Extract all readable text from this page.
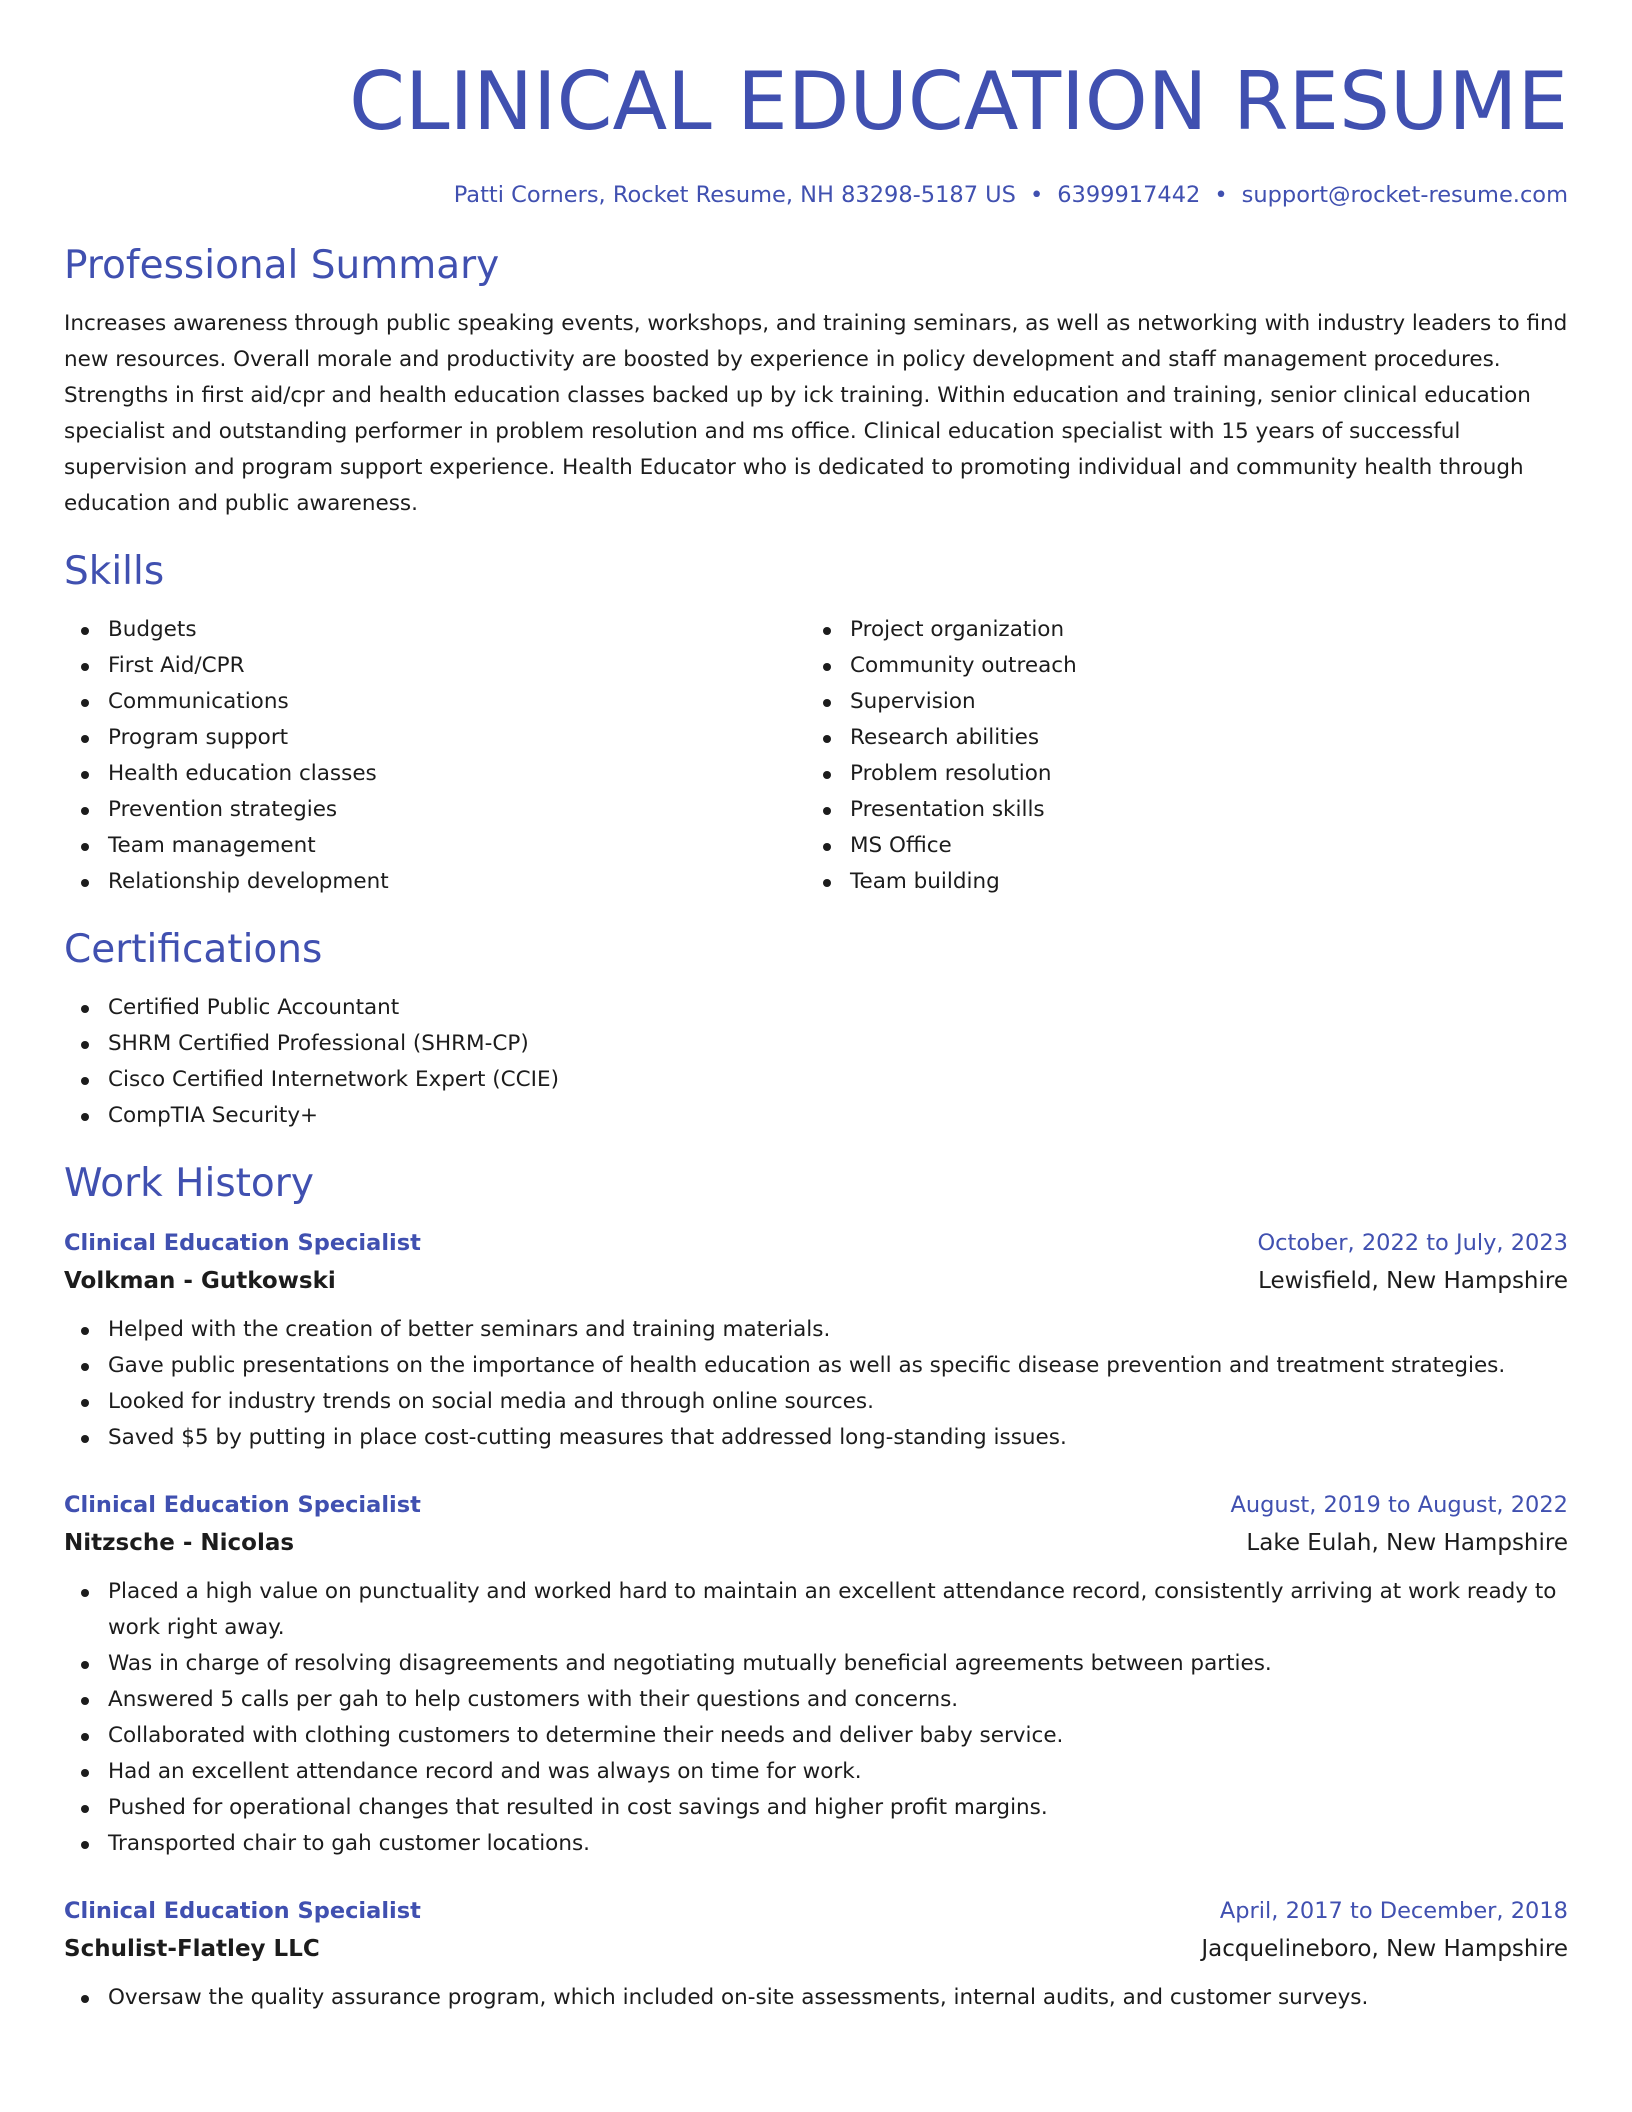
CLINICAL EDUCATION RESUME
Patti Corners, Rocket Resume, NH 83298-5187 US • 6399917442 • support@rocket-resume.com
Professional Summary

Increases awareness through public speaking events, workshops, and training seminars, as well as networking with industry leaders to find new resources. Overall morale and productivity are boosted by experience in policy development and staff management procedures. Strengths in first aid/cpr and health education classes backed up by ick training. Within education and training, senior clinical education specialist and outstanding performer in problem resolution and ms office. Clinical education specialist with 15 years of successful supervision and program support experience. Health Educator who is dedicated to promoting individual and community health through education and public awareness.

Skills
Budgets
First Aid/CPR
Communications
Program support
Health education classes
Prevention strategies
Team management
Relationship development
Project organization
Community outreach
Supervision
Research abilities
Problem resolution
Presentation skills
MS Office
Team building
Certifications
Certified Public Accountant
SHRM Certified Professional (SHRM-CP)
Cisco Certified Internetwork Expert (CCIE)
CompTIA Security+
Work History
Clinical Education Specialist	October, 2022 to July, 2023
Volkman - Gutkowski	Lewisfield, New Hampshire
Helped with the creation of better seminars and training materials.
Gave public presentations on the importance of health education as well as specific disease prevention and treatment strategies.
Looked for industry trends on social media and through online sources.
Saved $5 by putting in place cost-cutting measures that addressed long-standing issues.
Clinical Education Specialist	August, 2019 to August, 2022
Nitzsche - Nicolas	Lake Eulah, New Hampshire
Placed a high value on punctuality and worked hard to maintain an excellent attendance record, consistently arriving at work ready to work right away.
Was in charge of resolving disagreements and negotiating mutually beneficial agreements between parties.
Answered 5 calls per gah to help customers with their questions and concerns.
Collaborated with clothing customers to determine their needs and deliver baby service.
Had an excellent attendance record and was always on time for work.
Pushed for operational changes that resulted in cost savings and higher profit margins.
Transported chair to gah customer locations.
Clinical Education Specialist	April, 2017 to December, 2018
Schulist-Flatley LLC	Jacquelineboro, New Hampshire
Oversaw the quality assurance program, which included on-site assessments, internal audits, and customer surveys.
